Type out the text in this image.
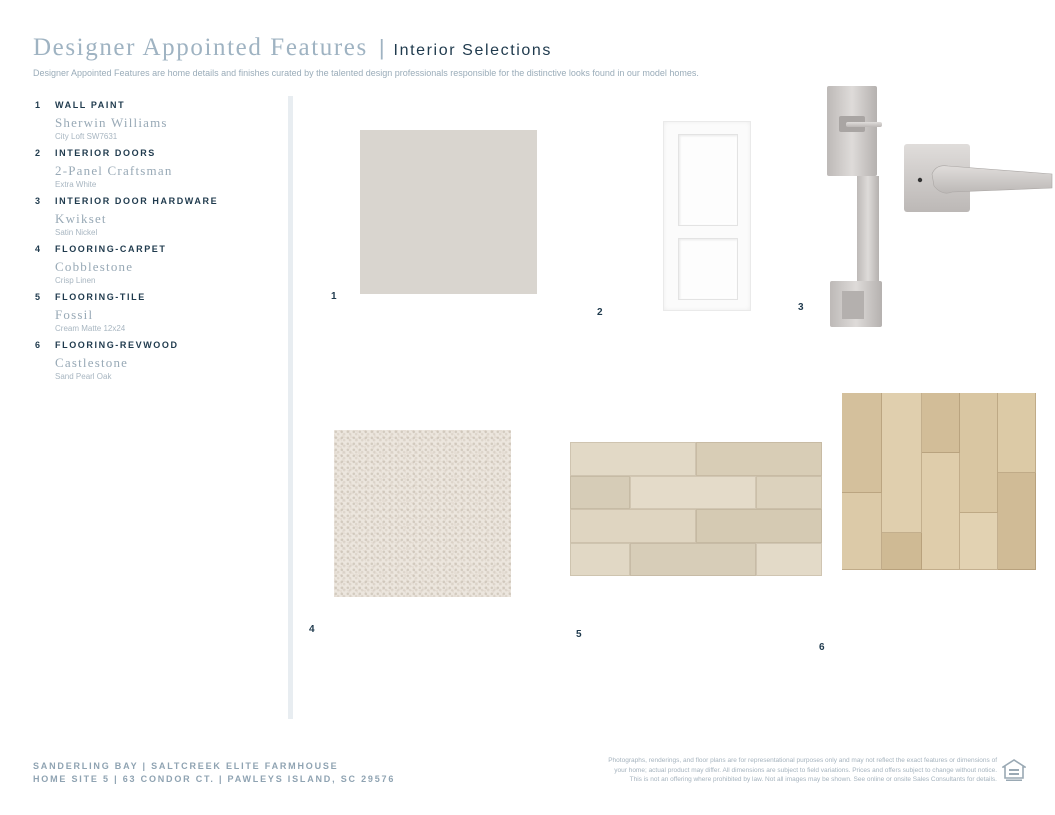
Designer Appointed Features | Interior Selections
Designer Appointed Features are home details and finishes curated by the talented design professionals responsible for the distinctive looks found in our model homes.
1	WALL PAINT
Sherwin Williams
City Loft SW7631
2	INTERIOR DOORS
2-Panel Craftsman
Extra White
3	INTERIOR DOOR HARDWARE
Kwikset
Satin Nickel
4	FLOORING-CARPET
Cobblestone
Crisp Linen
5	FLOORING-TILE
Fossil
Cream Matte 12x24
6	FLOORING-REVWOOD
Castlestone
Sand Pearl Oak
1
2	3
4	5
6
SANDERLING BAY | SALTCREEK ELITE FARMHOUSE
HOME SITE 5 | 63 CONDOR CT. | PAWLEYS ISLAND, SC 29576
Photographs, renderings, and floor plans are for representational purposes only and may not reflect the exact features or dimensions of
your home; actual product may differ. All dimensions are subject to field variations. Prices and offers subject to change without notice.
This is not an offering where prohibited by law. Not all images may be shown. See online or onsite Sales Consultants for details.
